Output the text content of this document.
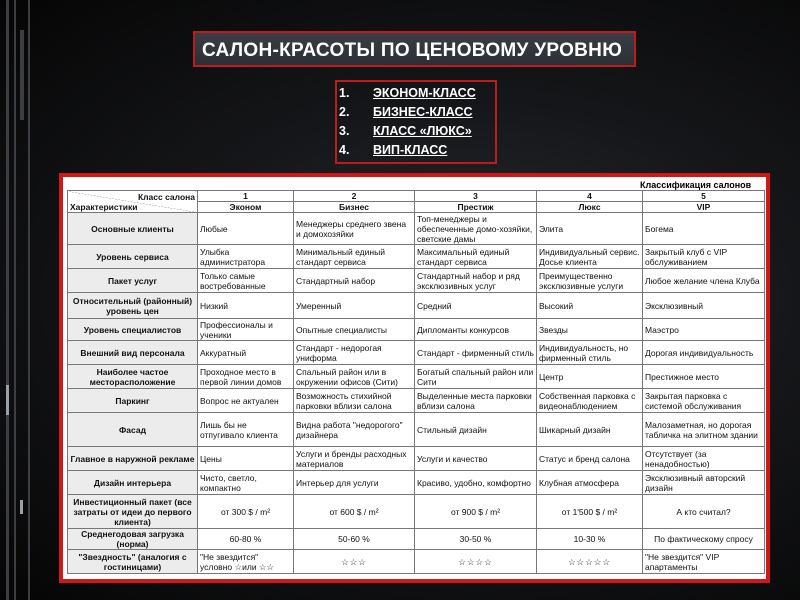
САЛОН-КРАСОТЫ ПО ЦЕНОВОМУ УРОВНЮ
1. ЭКОНОМ-КЛАСС
2. БИЗНЕС-КЛАСС
3. КЛАСС «ЛЮКС»
4. ВИП-КЛАСС
Классификация салонов
Класс салона
Характеристики	1	2	3	4	5
	Эконом	Бизнес	Престиж	Люкс	VIP
Основные клиенты	Любые	Менеджеры среднего звена и домохозяйки	Топ-менеджеры и обеспеченные домо-хозяйки, светские дамы	Элита	Богема
Уровень сервиса	Улыбка администратора	Минимальный единый стандарт сервиса	Максимальный единый стандарт сервиса	Индивидуальный сервис. Досье клиента	Закрытый клуб с VIP обслуживанием
Пакет услуг	Только самые востребованные	Стандартный набор	Стандартный набор и ряд эксклюзивных услуг	Преимущественно эксклюзивные услуги	Любое желание члена Клуба
Относительный (районный) уровень цен	Низкий	Умеренный	Средний	Высокий	Эксклюзивный
Уровень специалистов	Профессионалы и ученики	Опытные специалисты	Дипломанты конкурсов	Звезды	Маэстро
Внешний вид персонала	Аккуратный	Стандарт - недорогая униформа	Стандарт - фирменный стиль	Индивидуальность, но фирменный стиль	Дорогая индивидуальность
Наиболее частое месторасположение	Проходное место в первой линии домов	Спальный район или в окружении офисов (Сити)	Богатый спальный район или Сити	Центр	Престижное место
Паркинг	Вопрос не актуален	Возможность стихийной парковки вблизи салона	Выделенные места парковки вблизи салона	Собственная парковка с видеонаблюдением	Закрытая парковка с системой обслуживания
Фасад	Лишь бы не отпугивало клиента	Видна работа "недорогого" дизайнера	Стильный дизайн	Шикарный дизайн	Малозаметная, но дорогая табличка на элитном здании
Главное в наружной рекламе	Цены	Услуги и бренды расходных материалов	Услуги и качество	Статус и бренд салона	Отсутствует (за ненадобностью)
Дизайн интерьера	Чисто, светло, компактно	Интерьер для услуги	Красиво, удобно, комфортно	Клубная атмосфера	Эксклюзивный авторский дизайн
Инвестиционный пакет (все затраты от идеи до первого клиента)	от 300 $ / m²	от 600 $ / m²	от 900 $ / m²	от 1'500 $ / m²	А кто считал?
Среднегодовая загрузка (норма)	60-80 %	50-60 %	30-50 %	10-30 %	По фактическому спросу
"Звездность" (аналогия с гостиницами)	"Не звездится" условно ☆или ☆☆	☆☆☆	☆☆☆☆	☆☆☆☆☆	"Не звездится" VIP апартаменты
